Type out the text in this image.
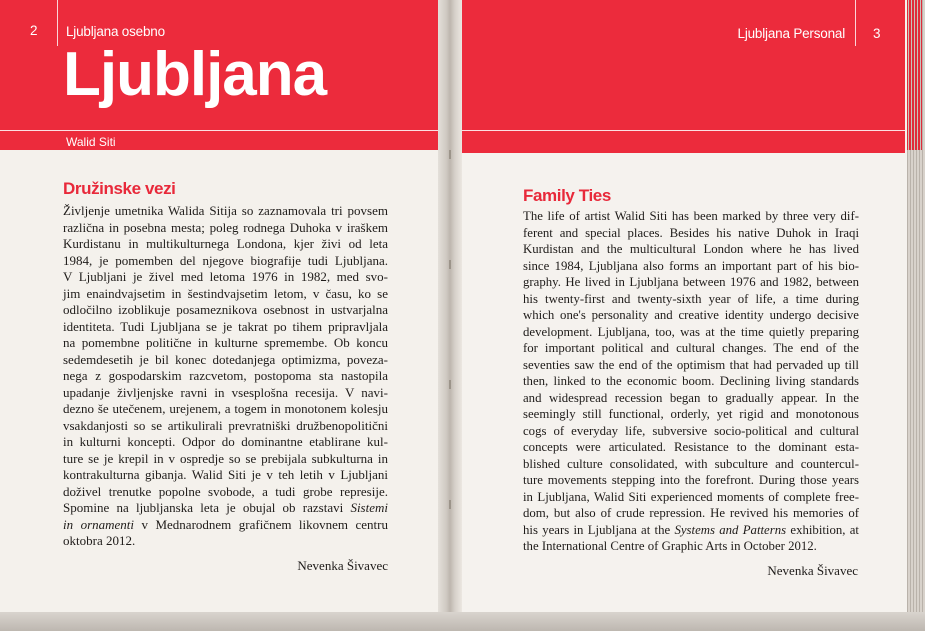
2 Ljubljana osebno
Ljubljana
Walid Siti
Ljubljana Personal 3
Družinske vezi	Family Ties
Življenje umetnika Walida Sitija so zaznamovala tri povsem
različna in posebna mesta; poleg rodnega Duhoka v iraškem
Kurdistanu in multikulturnega Londona, kjer živi od leta
1984, je pomemben del njegove biografije tudi Ljubljana.
V Ljubljani je živel med letoma 1976 in 1982, med svo-
jim enaindvajsetim in šestindvajsetim letom, v času, ko se
odločilno izoblikuje posameznikova osebnost in ustvarjalna
identiteta. Tudi Ljubljana se je takrat po tihem pripravljala
na pomembne politične in kulturne spremembe. Ob koncu
sedemdesetih je bil konec dotedanjega optimizma, poveza-
nega z gospodarskim razcvetom, postopoma sta nastopila
upadanje življenjske ravni in vsesplošna recesija. V navi-
dezno še utečenem, urejenem, a togem in monotonem kolesju
vsakdanjosti so se artikulirali prevratniški družbenopolitični
in kulturni koncepti. Odpor do dominantne etablirane kul-
ture se je krepil in v ospredje so se prebijala subkulturna in
kontrakulturna gibanja. Walid Siti je v teh letih v Ljubljani
doživel trenutke popolne svobode, a tudi grobe represije.
Spomine na ljubljanska leta je obujal ob razstavi Sistemi
in ornamenti v Mednarodnem grafičnem likovnem centru
oktobra 2012.
The life of artist Walid Siti has been marked by three very dif-
ferent and special places. Besides his native Duhok in Iraqi
Kurdistan and the multicultural London where he has lived
since 1984, Ljubljana also forms an important part of his bio-
graphy. He lived in Ljubljana between 1976 and 1982, between
his twenty-first and twenty-sixth year of life, a time during
which one's personality and creative identity undergo decisive
development. Ljubljana, too, was at the time quietly preparing
for important political and cultural changes. The end of the
seventies saw the end of the optimism that had pervaded up till
then, linked to the economic boom. Declining living standards
and widespread recession began to gradually appear. In the
seemingly still functional, orderly, yet rigid and monotonous
cogs of everyday life, subversive socio-political and cultural
concepts were articulated. Resistance to the dominant esta-
blished culture consolidated, with subculture and countercul-
ture movements stepping into the forefront. During those years
in Ljubljana, Walid Siti experienced moments of complete free-
dom, but also of crude repression. He revived his memories of
his years in Ljubljana at the Systems and Patterns exhibition, at
the International Centre of Graphic Arts in October 2012.
Nevenka Šivavec	Nevenka Šivavec
